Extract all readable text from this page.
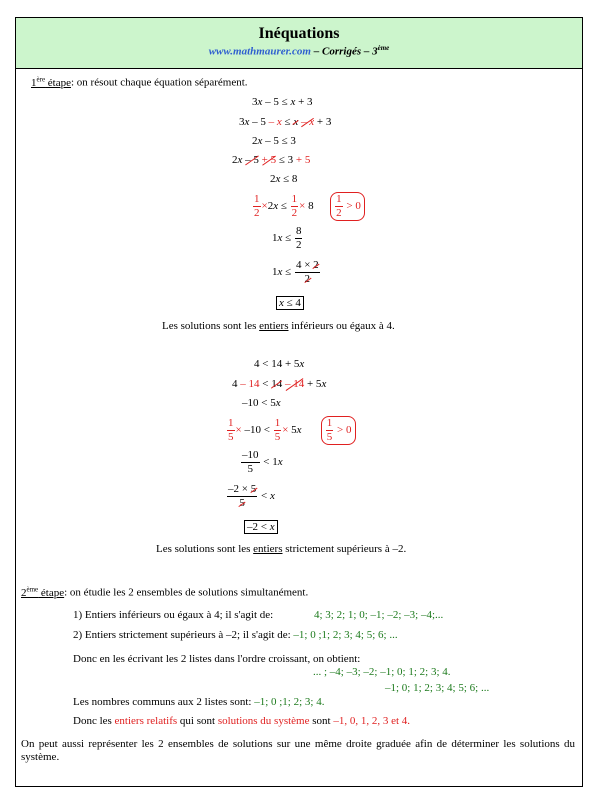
Inéquations
www.mathmaurer.com – Corrigés – 3ème
1ère étape: on résout chaque équation séparément.
3x – 5 ≤ x + 3
3x – 5 – x ≤ x – x + 3
2x – 5 ≤ 3
2x – 5 + 5 ≤ 3 + 5
2x ≤ 8
$\frac{1}{2} \times 2x \le \frac{1}{2} \times 8 \frac{1}{2} > 0$
$1x \le \frac{8}{2}$
$1x \le \frac{4 \times 2}{2}$
x ≤ 4
Les solutions sont les entiers inférieurs ou égaux à 4.
4 < 14 + 5x
4 – 14 < 14 – 14 + 5x
–10 < 5x
$\frac{1}{5} \times -10 < \frac{1}{5} \times 5x \frac{1}{5} > 0$
$\frac{-10}{5} < 1x$
$\frac{-2 \times 5}{5} < x$
–2 < x
Les solutions sont les entiers strictement supérieurs à –2.
2ème étape: on étudie les 2 ensembles de solutions simultanément.
1) Entiers inférieurs ou égaux à 4; il s'agit de:	4; 3; 2; 1; 0; –1; –2; –3; –4;...
2) Entiers strictement supérieurs à –2; il s'agit de: –1; 0 ;1; 2; 3; 4; 5; 6; ...
Donc en les écrivant les 2 listes dans l'ordre croissant, on obtient:
... ; –4; –3; –2; –1; 0; 1; 2; 3; 4.
–1; 0; 1; 2; 3; 4; 5; 6; ...
Les nombres communs aux 2 listes sont: –1; 0 ;1; 2; 3; 4.
Donc les entiers relatifs qui sont solutions du système sont –1, 0, 1, 2, 3 et 4.
On peut aussi représenter les 2 ensembles de solutions sur une même droite graduée afin de déterminer les solutions du système.
